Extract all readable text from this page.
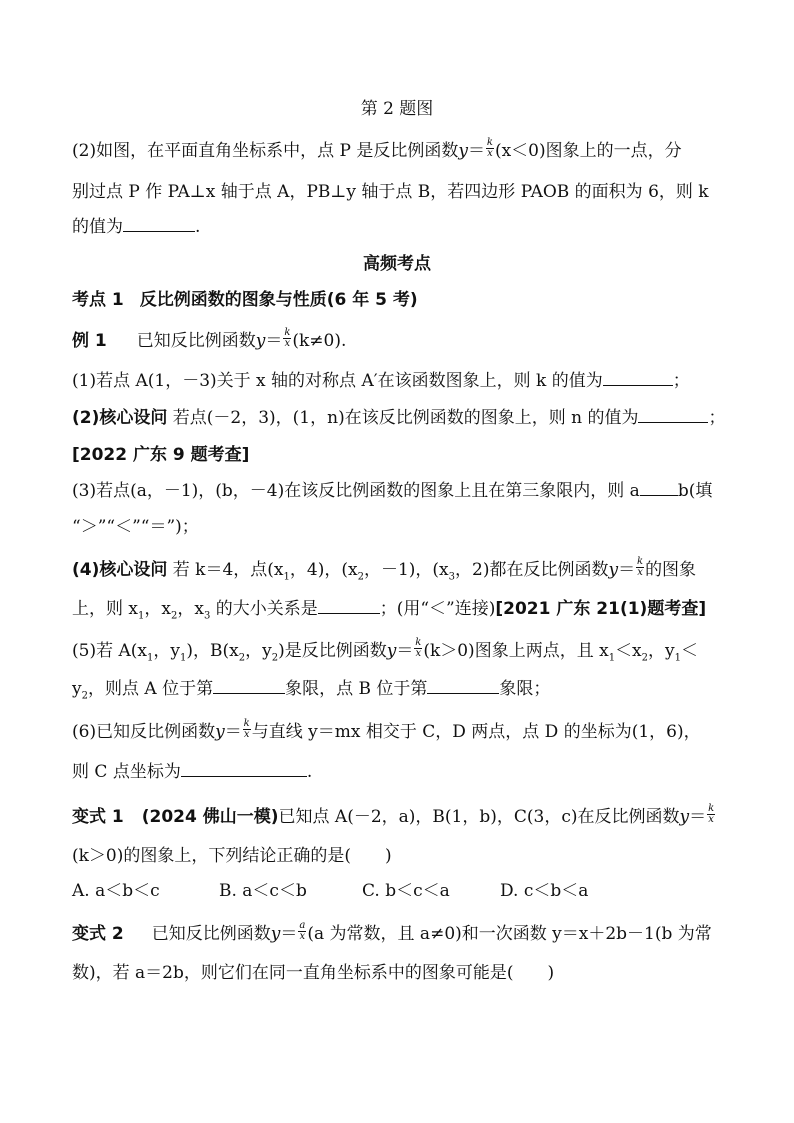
第 2 题图
(2)如图，在平面直角坐标系中，点 P 是反比例函数$y= \frac{k}{x} (x<0)$图象上的一点，分
别过点 P 作 PA⊥x 轴于点 A，PB⊥y 轴于点 B，若四边形 PAOB 的面积为 6，则 k
的值为	.
高频考点
考点 1 反比例函数的图象与性质(6 年 5 考)
例 1 已知反比例函数$y= \frac{k}{x} (k\ne 0)$.
(1)若点 A(1，－3)关于 x 轴的对称点 A′在该函数图象上，则 k 的值为	；
(2)核心设问 若点(－2，3)，(1，n)在该反比例函数的图象上，则 n 的值为	；
[2022 广东 9 题考查]
(3)若点(a，－1)，(b，－4)在该反比例函数的图象上且在第三象限内，则 a b(填
“＞”“＜”“＝”)；
(4)核心设问 若 k＝4，点($x_1$，4)，($x_2$，－1)，($x_3$，2)都在反比例函数$y= \frac{k}{x}$ 的图象
上，则 $x_1$，$x_2$，$x_3$ 的大小关系是	；(用“＜”连接)[2021 广东 21(1)题考查]
(5)若 $A(x_1$，$y_1$)，$B(x_2$，$y_2$)是反比例函数$y= \frac{k}{x} (k>0)$图象上两点，且 $x_1<x_2$，$y_1<$
$y_2$，则点 A 位于第	象限，点 B 位于第	象限；
(6)已知反比例函数$y= \frac{k}{x}$ 与直线 y＝mx 相交于 C，D 两点，点 D 的坐标为(1，6)，
则 C 点坐标为	.
变式 1 (2024 佛山一模)已知点 A(－2，a)，B(1，b)，C(3，c)在反比例函数$y= \frac{k}{x}$
(k＞0)的图象上，下列结论正确的是(　　)
A. a＜b＜c	B. a＜c＜b	C. b＜c＜a	D. c＜b＜a
变式 2 已知反比例函数$y= \frac{a}{x} (a$ 为常数，且 a≠0)和一次函数 y＝x＋2b－1(b 为常
数)，若 a＝2b，则它们在同一直角坐标系中的图象可能是(　　)
